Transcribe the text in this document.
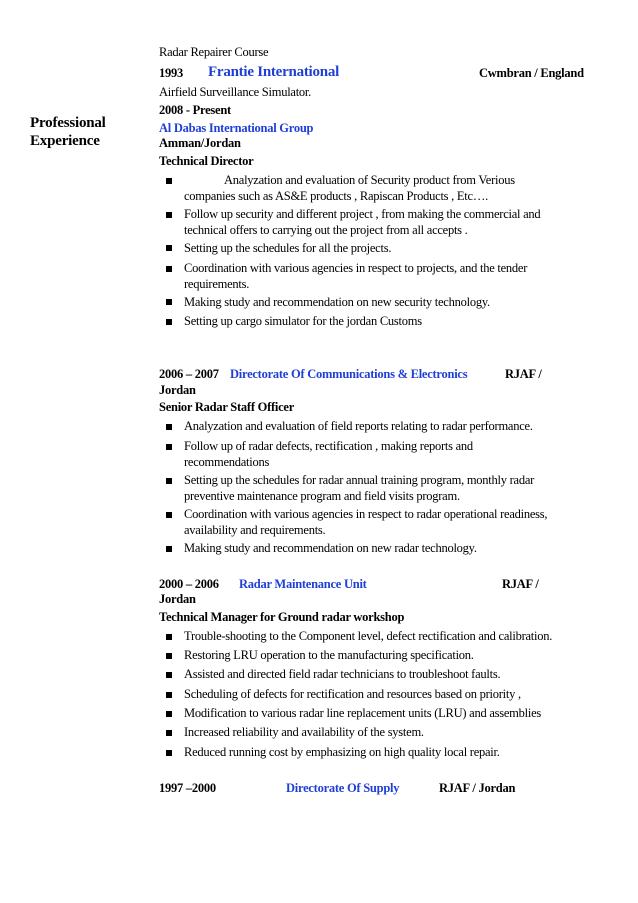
Professional
Experience
Radar Repairer Course
1993 Frantie International	Cwmbran / England
Airfield Surveillance Simulator.
2008 - Present
Al Dabas International Group
Amman/Jordan
Technical Director
Analyzation and evaluation of Security product from Verious
companies such as AS&E products , Rapiscan Products , Etc….
Follow up security and different project , from making the commercial and
technical offers to carrying out the project from all accepts .
Setting up the schedules for all the projects.
Coordination with various agencies in respect to projects, and the tender
requirements.
Making study and recommendation on new security technology.
Setting up cargo simulator for the jordan Customs
2006 – 2007 Directorate Of Communications & Electronics	RJAF /
Jordan
Senior Radar Staff Officer
Analyzation and evaluation of field reports relating to radar performance.
Follow up of radar defects, rectification , making reports and
recommendations
Setting up the schedules for radar annual training program, monthly radar
preventive maintenance program and field visits program.
Coordination with various agencies in respect to radar operational readiness,
availability and requirements.
Making study and recommendation on new radar technology.
2000 – 2006 Radar Maintenance Unit	RJAF /
Jordan
Technical Manager for Ground radar workshop
Trouble-shooting to the Component level, defect rectification and calibration.
Restoring LRU operation to the manufacturing specification.
Assisted and directed field radar technicians to troubleshoot faults.
Scheduling of defects for rectification and resources based on priority ,
Modification to various radar line replacement units (LRU) and assemblies
Increased reliability and availability of the system.
Reduced running cost by emphasizing on high quality local repair.
1997 –2000	Directorate Of Supply	RJAF / Jordan
